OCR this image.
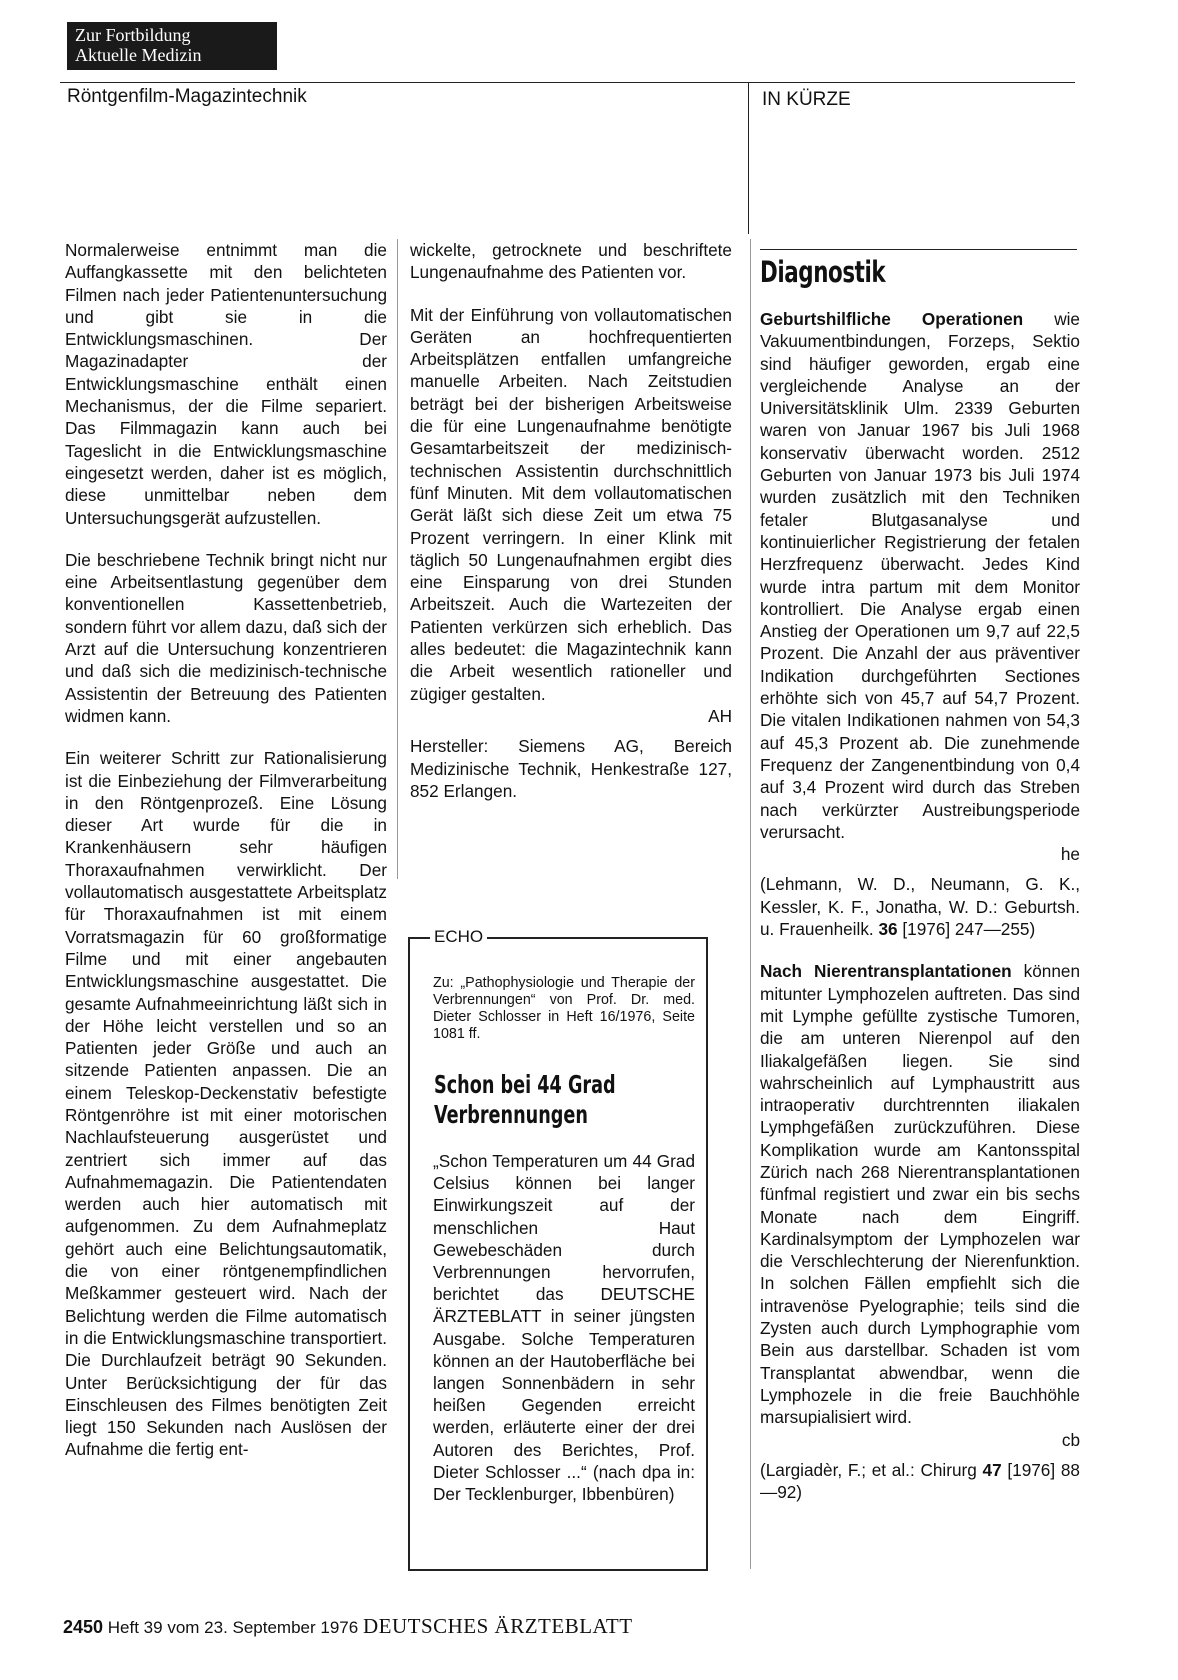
Zur Fortbildung
Aktuelle Medizin
Röntgenfilm-Magazintechnik	IN KÜRZE

Normalerweise entnimmt man die Auffangkassette mit den belichteten Filmen nach jeder Patientenuntersuchung und gibt sie in die Entwicklungsmaschinen. Der Magazinadapter der Entwicklungsmaschine enthält einen Mechanismus, der die Filme separiert. Das Filmmagazin kann auch bei Tageslicht in die Entwicklungsmaschine eingesetzt werden, daher ist es möglich, diese unmittelbar neben dem Untersuchungsgerät aufzustellen.

Die beschriebene Technik bringt nicht nur eine Arbeitsentlastung gegenüber dem konventionellen Kassettenbetrieb, sondern führt vor allem dazu, daß sich der Arzt auf die Untersuchung konzentrieren und daß sich die medizinisch-technische Assistentin der Betreuung des Patienten widmen kann.

Ein weiterer Schritt zur Rationalisierung ist die Einbeziehung der Filmverarbeitung in den Röntgenprozeß. Eine Lösung dieser Art wurde für die in Krankenhäusern sehr häufigen Thoraxaufnahmen verwirklicht. Der vollautomatisch ausgestattete Arbeitsplatz für Thoraxaufnahmen ist mit einem Vorratsmagazin für 60 großformatige Filme und mit einer angebauten Entwicklungsmaschine ausgestattet. Die gesamte Aufnahmeeinrichtung läßt sich in der Höhe leicht verstellen und so an Patienten jeder Größe und auch an sitzende Patienten anpassen. Die an einem Teleskop-Deckenstativ befestigte Röntgenröhre ist mit einer motorischen Nachlaufsteuerung ausgerüstet und zentriert sich immer auf das Aufnahmemagazin. Die Patientendaten werden auch hier automatisch mit aufgenommen. Zu dem Aufnahmeplatz gehört auch eine Belichtungsautomatik, die von einer röntgenempfindlichen Meßkammer gesteuert wird. Nach der Belichtung werden die Filme automatisch in die Entwicklungsmaschine transportiert. Die Durchlaufzeit beträgt 90 Sekunden. Unter Berücksichtigung der für das Einschleusen des Filmes benötigten Zeit liegt 150 Sekunden nach Auslösen der Aufnahme die fertig ent-

wickelte, getrocknete und beschriftete Lungenaufnahme des Patienten vor.

Mit der Einführung von vollautomatischen Geräten an hochfrequentierten Arbeitsplätzen entfallen umfangreiche manuelle Arbeiten. Nach Zeitstudien beträgt bei der bisherigen Arbeitsweise die für eine Lungenaufnahme benötigte Gesamtarbeitszeit der medizinisch-technischen Assistentin durchschnittlich fünf Minuten. Mit dem vollautomatischen Gerät läßt sich diese Zeit um etwa 75 Prozent verringern. In einer Klink mit täglich 50 Lungenaufnahmen ergibt dies eine Einsparung von drei Stunden Arbeitszeit. Auch die Wartezeiten der Patienten verkürzen sich erheblich. Das alles bedeutet: die Magazintechnik kann die Arbeit wesentlich rationeller und zügiger gestalten.
AH

Hersteller: Siemens AG, Bereich Medizinische Technik, Henkestraße 127, 852 Erlangen.

ECHO
Zu: „Pathophysiologie und Therapie der Verbrennungen“ von Prof. Dr. med. Dieter Schlosser in Heft 16/1976, Seite 1081 ff.
Schon bei 44 Grad Verbrennungen
„Schon Temperaturen um 44 Grad Celsius können bei langer Einwirkungszeit auf der menschlichen Haut Gewebeschäden durch Verbrennungen hervorrufen, berichtet das DEUTSCHE ÄRZTEBLATT in seiner jüngsten Ausgabe. Solche Temperaturen können an der Hautoberfläche bei langen Sonnenbädern in sehr heißen Gegenden erreicht werden, erläuterte einer der drei Autoren des Berichtes, Prof. Dieter Schlosser ...“ (nach dpa in: Der Tecklenburger, Ibbenbüren)
Diagnostik

Geburtshilfliche Operationen wie Vakuumentbindungen, Forzeps, Sektio sind häufiger geworden, ergab eine vergleichende Analyse an der Universitätsklinik Ulm. 2339 Geburten waren von Januar 1967 bis Juli 1968 konservativ überwacht worden. 2512 Geburten von Januar 1973 bis Juli 1974 wurden zusätzlich mit den Techniken fetaler Blutgasanalyse und kontinuierlicher Registrierung der fetalen Herzfrequenz überwacht. Jedes Kind wurde intra partum mit dem Monitor kontrolliert. Die Analyse ergab einen Anstieg der Operationen um 9,7 auf 22,5 Prozent. Die Anzahl der aus präventiver Indikation durchgeführten Sectiones erhöhte sich von 45,7 auf 54,7 Prozent. Die vitalen Indikationen nahmen von 54,3 auf 45,3 Prozent ab. Die zunehmende Frequenz der Zangenentbindung von 0,4 auf 3,4 Prozent wird durch das Streben nach verkürzter Austreibungsperiode verursacht.
he

(Lehmann, W. D., Neumann, G. K., Kessler, K. F., Jonatha, W. D.: Geburtsh. u. Frauenheilk. 36 [1976] 247—255)

Nach Nierentransplantationen können mitunter Lymphozelen auftreten. Das sind mit Lymphe gefüllte zystische Tumoren, die am unteren Nierenpol auf den Iliakalgefäßen liegen. Sie sind wahrscheinlich auf Lymphaustritt aus intraoperativ durchtrennten iliakalen Lymphgefäßen zurückzuführen. Diese Komplikation wurde am Kantonsspital Zürich nach 268 Nierentransplantationen fünfmal registiert und zwar ein bis sechs Monate nach dem Eingriff. Kardinalsymptom der Lymphozelen war die Verschlechterung der Nierenfunktion. In solchen Fällen empfiehlt sich die intravenöse Pyelographie; teils sind die Zysten auch durch Lymphographie vom Bein aus darstellbar. Schaden ist vom Transplantat abwendbar, wenn die Lymphozele in die freie Bauchhöhle marsupialisiert wird.
cb

(Largiadèr, F.; et al.: Chirurg 47 [1976] 88—92)

2450 Heft 39 vom 23. September 1976 DEUTSCHES ÄRZTEBLATT
